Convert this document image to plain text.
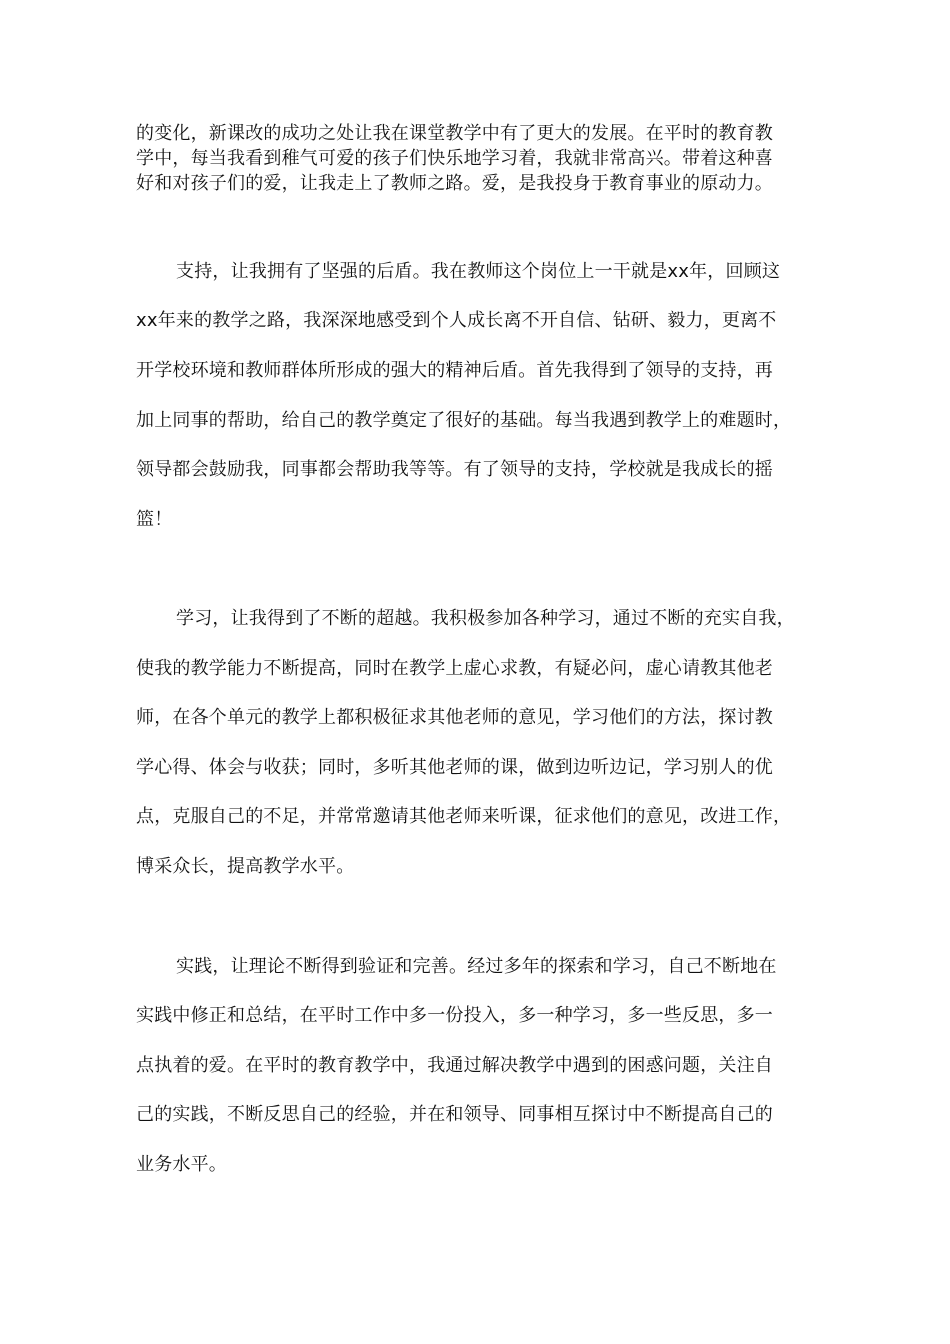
的变化，新课改的成功之处让我在课堂教学中有了更大的发展。在平时的教育教
学中，每当我看到稚气可爱的孩子们快乐地学习着，我就非常高兴。带着这种喜
好和对孩子们的爱，让我走上了教师之路。爱，是我投身于教育事业的原动力。
支持，让我拥有了坚强的后盾。我在教师这个岗位上一干就是xx年，回顾这
xx年来的教学之路，我深深地感受到个人成长离不开自信、钻研、毅力，更离不
开学校环境和教师群体所形成的强大的精神后盾。首先我得到了领导的支持，再
加上同事的帮助，给自己的教学奠定了很好的基础。每当我遇到教学上的难题时，
领导都会鼓励我，同事都会帮助我等等。有了领导的支持，学校就是我成长的摇
篮！
学习，让我得到了不断的超越。我积极参加各种学习，通过不断的充实自我，
使我的教学能力不断提高，同时在教学上虚心求教，有疑必问，虚心请教其他老
师，在各个单元的教学上都积极征求其他老师的意见，学习他们的方法，探讨教
学心得、体会与收获；同时，多听其他老师的课，做到边听边记，学习别人的优
点，克服自己的不足，并常常邀请其他老师来听课，征求他们的意见，改进工作，
博采众长，提高教学水平。
实践，让理论不断得到验证和完善。经过多年的探索和学习，自己不断地在
实践中修正和总结，在平时工作中多一份投入，多一种学习，多一些反思，多一
点执着的爱。在平时的教育教学中，我通过解决教学中遇到的困惑问题，关注自
己的实践，不断反思自己的经验，并在和领导、同事相互探讨中不断提高自己的
业务水平。
